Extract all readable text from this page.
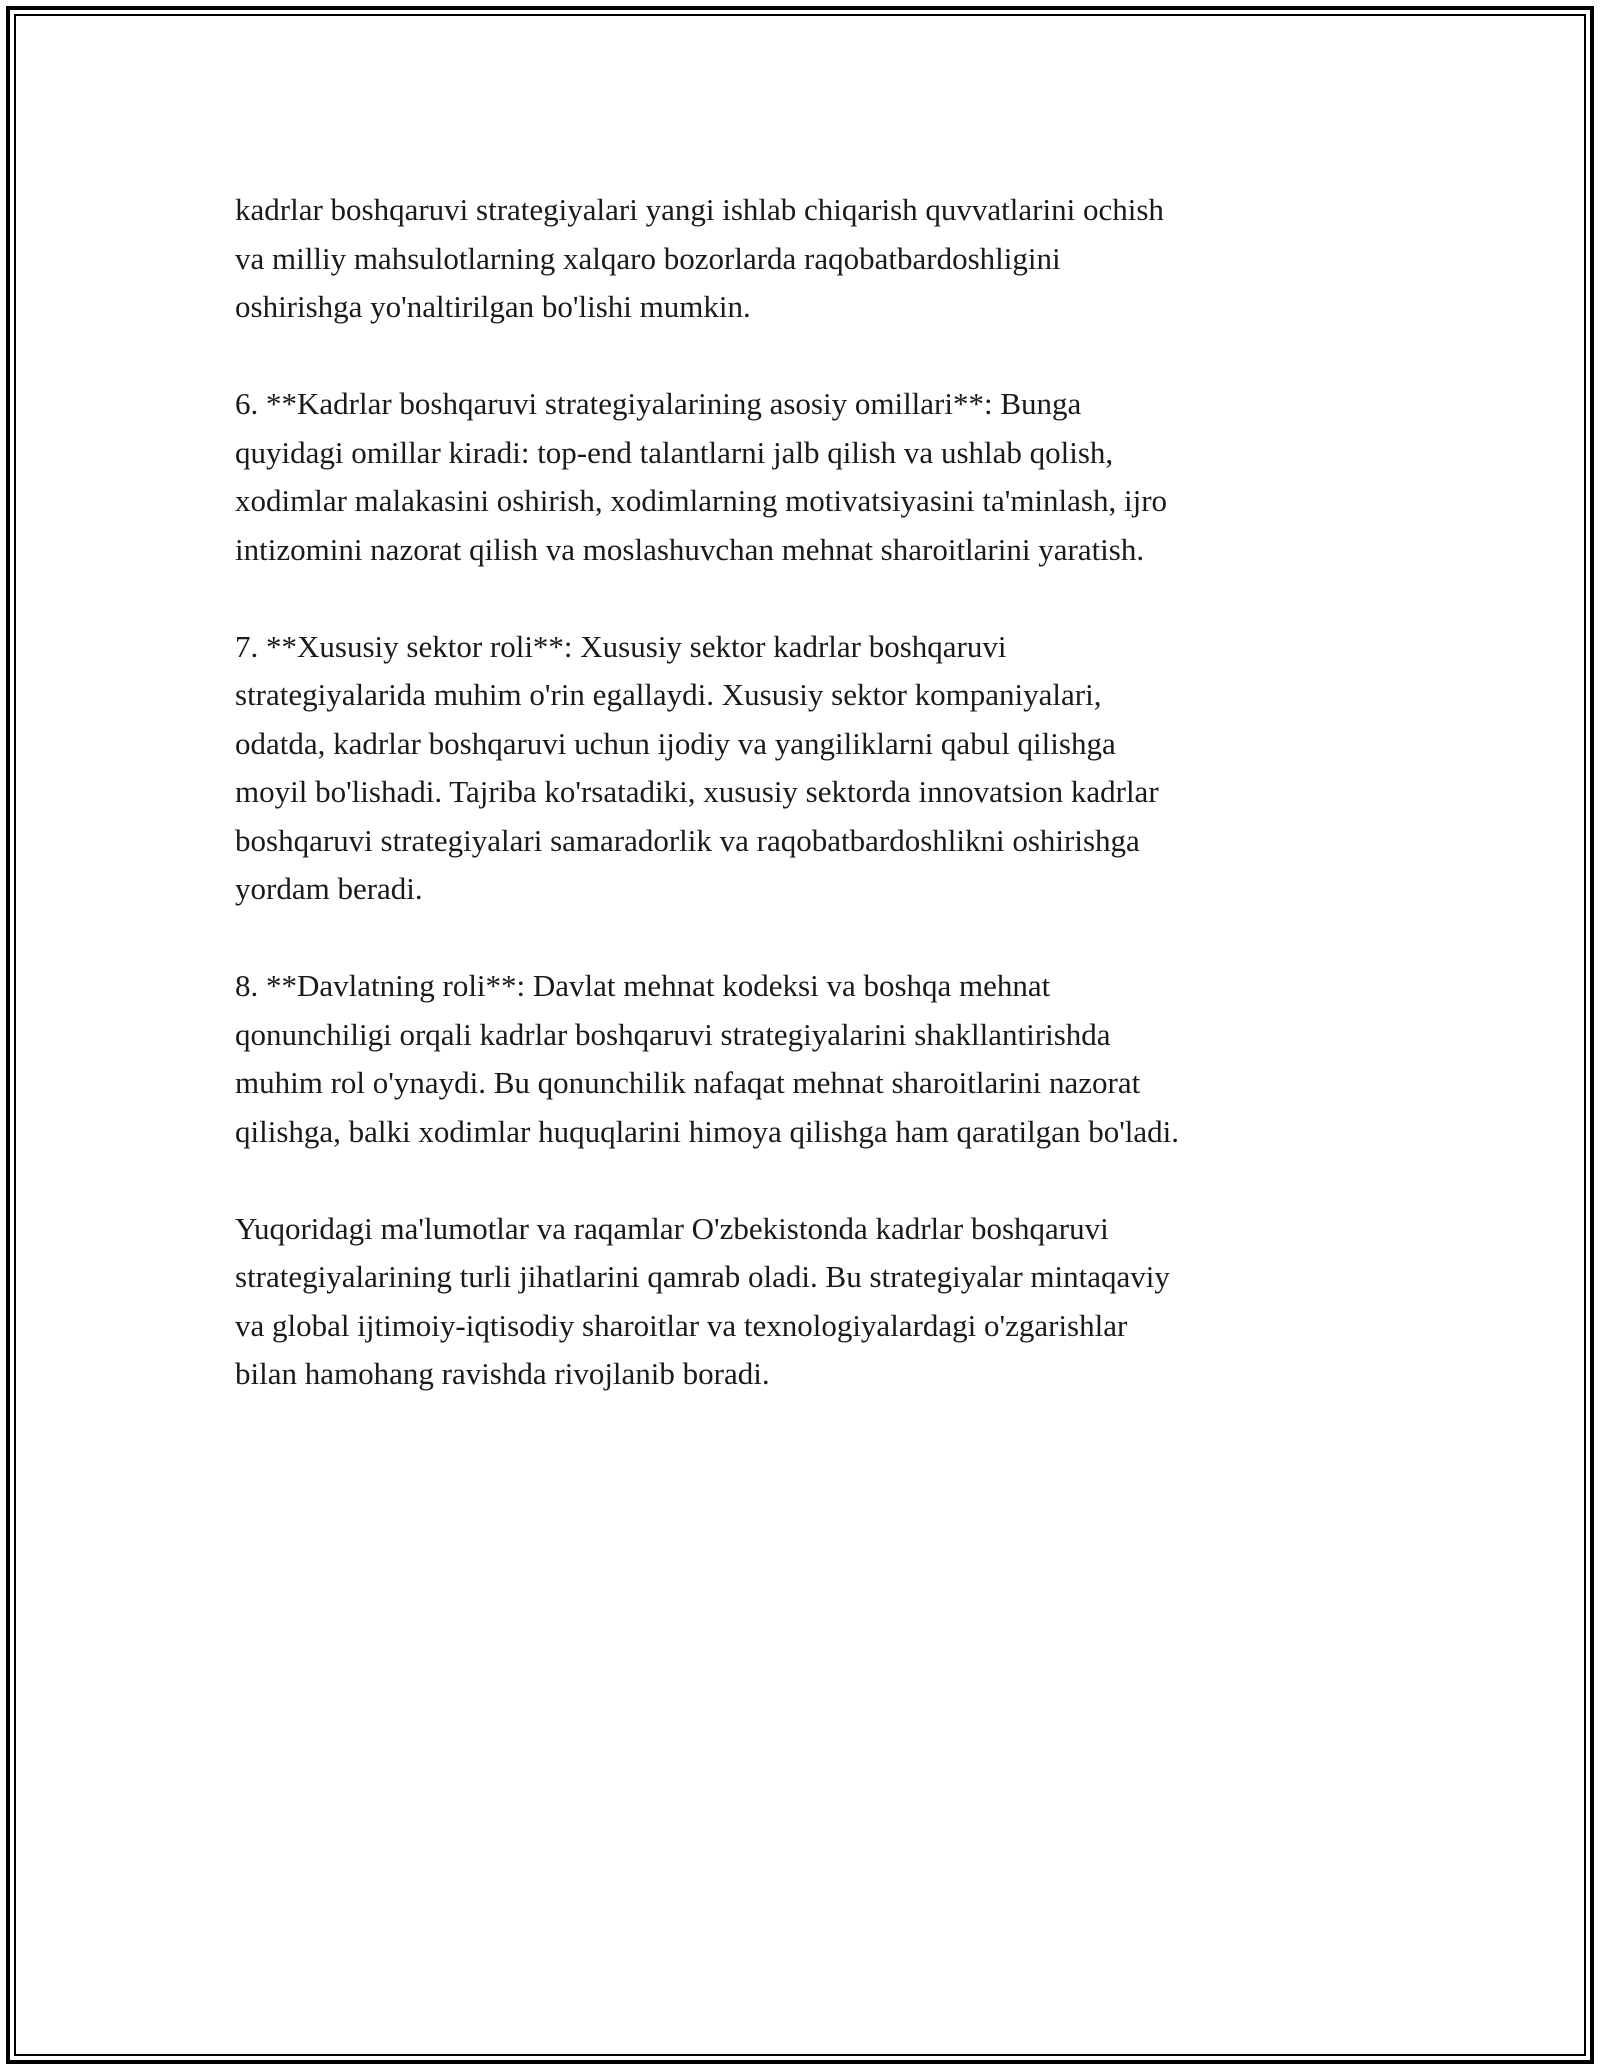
kadrlar boshqaruvi strategiyalari yangi ishlab chiqarish quvvatlarini ochish
va milliy mahsulotlarning xalqaro bozorlarda raqobatbardoshligini
oshirishga yo'naltirilgan bo'lishi mumkin.

6. **Kadrlar boshqaruvi strategiyalarining asosiy omillari**: Bunga
quyidagi omillar kiradi: top-end talantlarni jalb qilish va ushlab qolish,
xodimlar malakasini oshirish, xodimlarning motivatsiyasini ta'minlash, ijro
intizomini nazorat qilish va moslashuvchan mehnat sharoitlarini yaratish.

7. **Xususiy sektor roli**: Xususiy sektor kadrlar boshqaruvi
strategiyalarida muhim o'rin egallaydi. Xususiy sektor kompaniyalari,
odatda, kadrlar boshqaruvi uchun ijodiy va yangiliklarni qabul qilishga
moyil bo'lishadi. Tajriba ko'rsatadiki, xususiy sektorda innovatsion kadrlar
boshqaruvi strategiyalari samaradorlik va raqobatbardoshlikni oshirishga
yordam beradi.

8. **Davlatning roli**: Davlat mehnat kodeksi va boshqa mehnat
qonunchiligi orqali kadrlar boshqaruvi strategiyalarini shakllantirishda
muhim rol o'ynaydi. Bu qonunchilik nafaqat mehnat sharoitlarini nazorat
qilishga, balki xodimlar huquqlarini himoya qilishga ham qaratilgan bo'ladi.

Yuqoridagi ma'lumotlar va raqamlar O'zbekistonda kadrlar boshqaruvi
strategiyalarining turli jihatlarini qamrab oladi. Bu strategiyalar mintaqaviy
va global ijtimoiy-iqtisodiy sharoitlar va texnologiyalardagi o'zgarishlar
bilan hamohang ravishda rivojlanib boradi.
